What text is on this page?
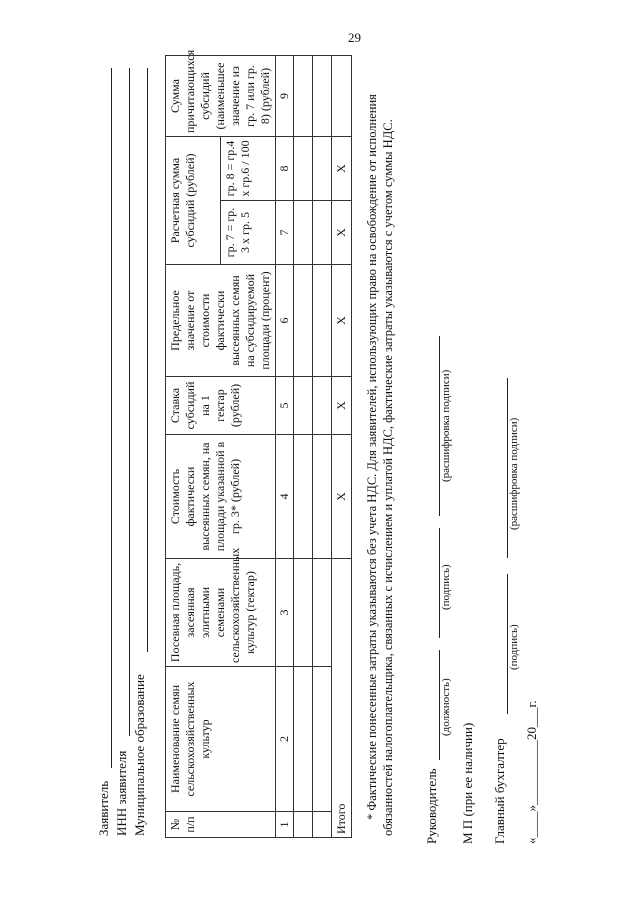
29
Заявитель ИНН заявителя Муниципальное образование № п/п	Наименование семян сельскохозяйственных культур	Посевная площадь, засеянная элитными семенами сельскохозяйственных культур (гектар)	Стоимость фактически высеянных семян, на площади указанной в гр. 3* (рублей)	Ставка субсидий на 1 гектар (рублей)	Предельное значение от стоимости фактически высеянных семян на субсидируемой площади (процент)	Расчетная сумма субсидий (рублей)		Сумма причитающихся субсидий (наименьшее значение из гр. 7 или гр. 8) (рублей)
						гр. 7 = гр. 3 х гр. 5	гр. 8 = гр.4 х гр.6 / 100	
1	2	3	4	5	6	7	8	9

Итого			Х	Х	Х	Х	Х	* Фактические понесенные затраты указываются без учета НДС. Для заявителей, использующих право на освобождение от исполнения обязанностей налогоплательщика, связанных с исчислением и уплатой НДС, фактические затраты указываются с учетом суммы НДС. Руководитель
(должность)
(подпись)
(расшифровка подписи)
М П (при ее наличии) Главный бухгалтер
(подпись)
(расшифровка подписи)
«____»__________20___г.
